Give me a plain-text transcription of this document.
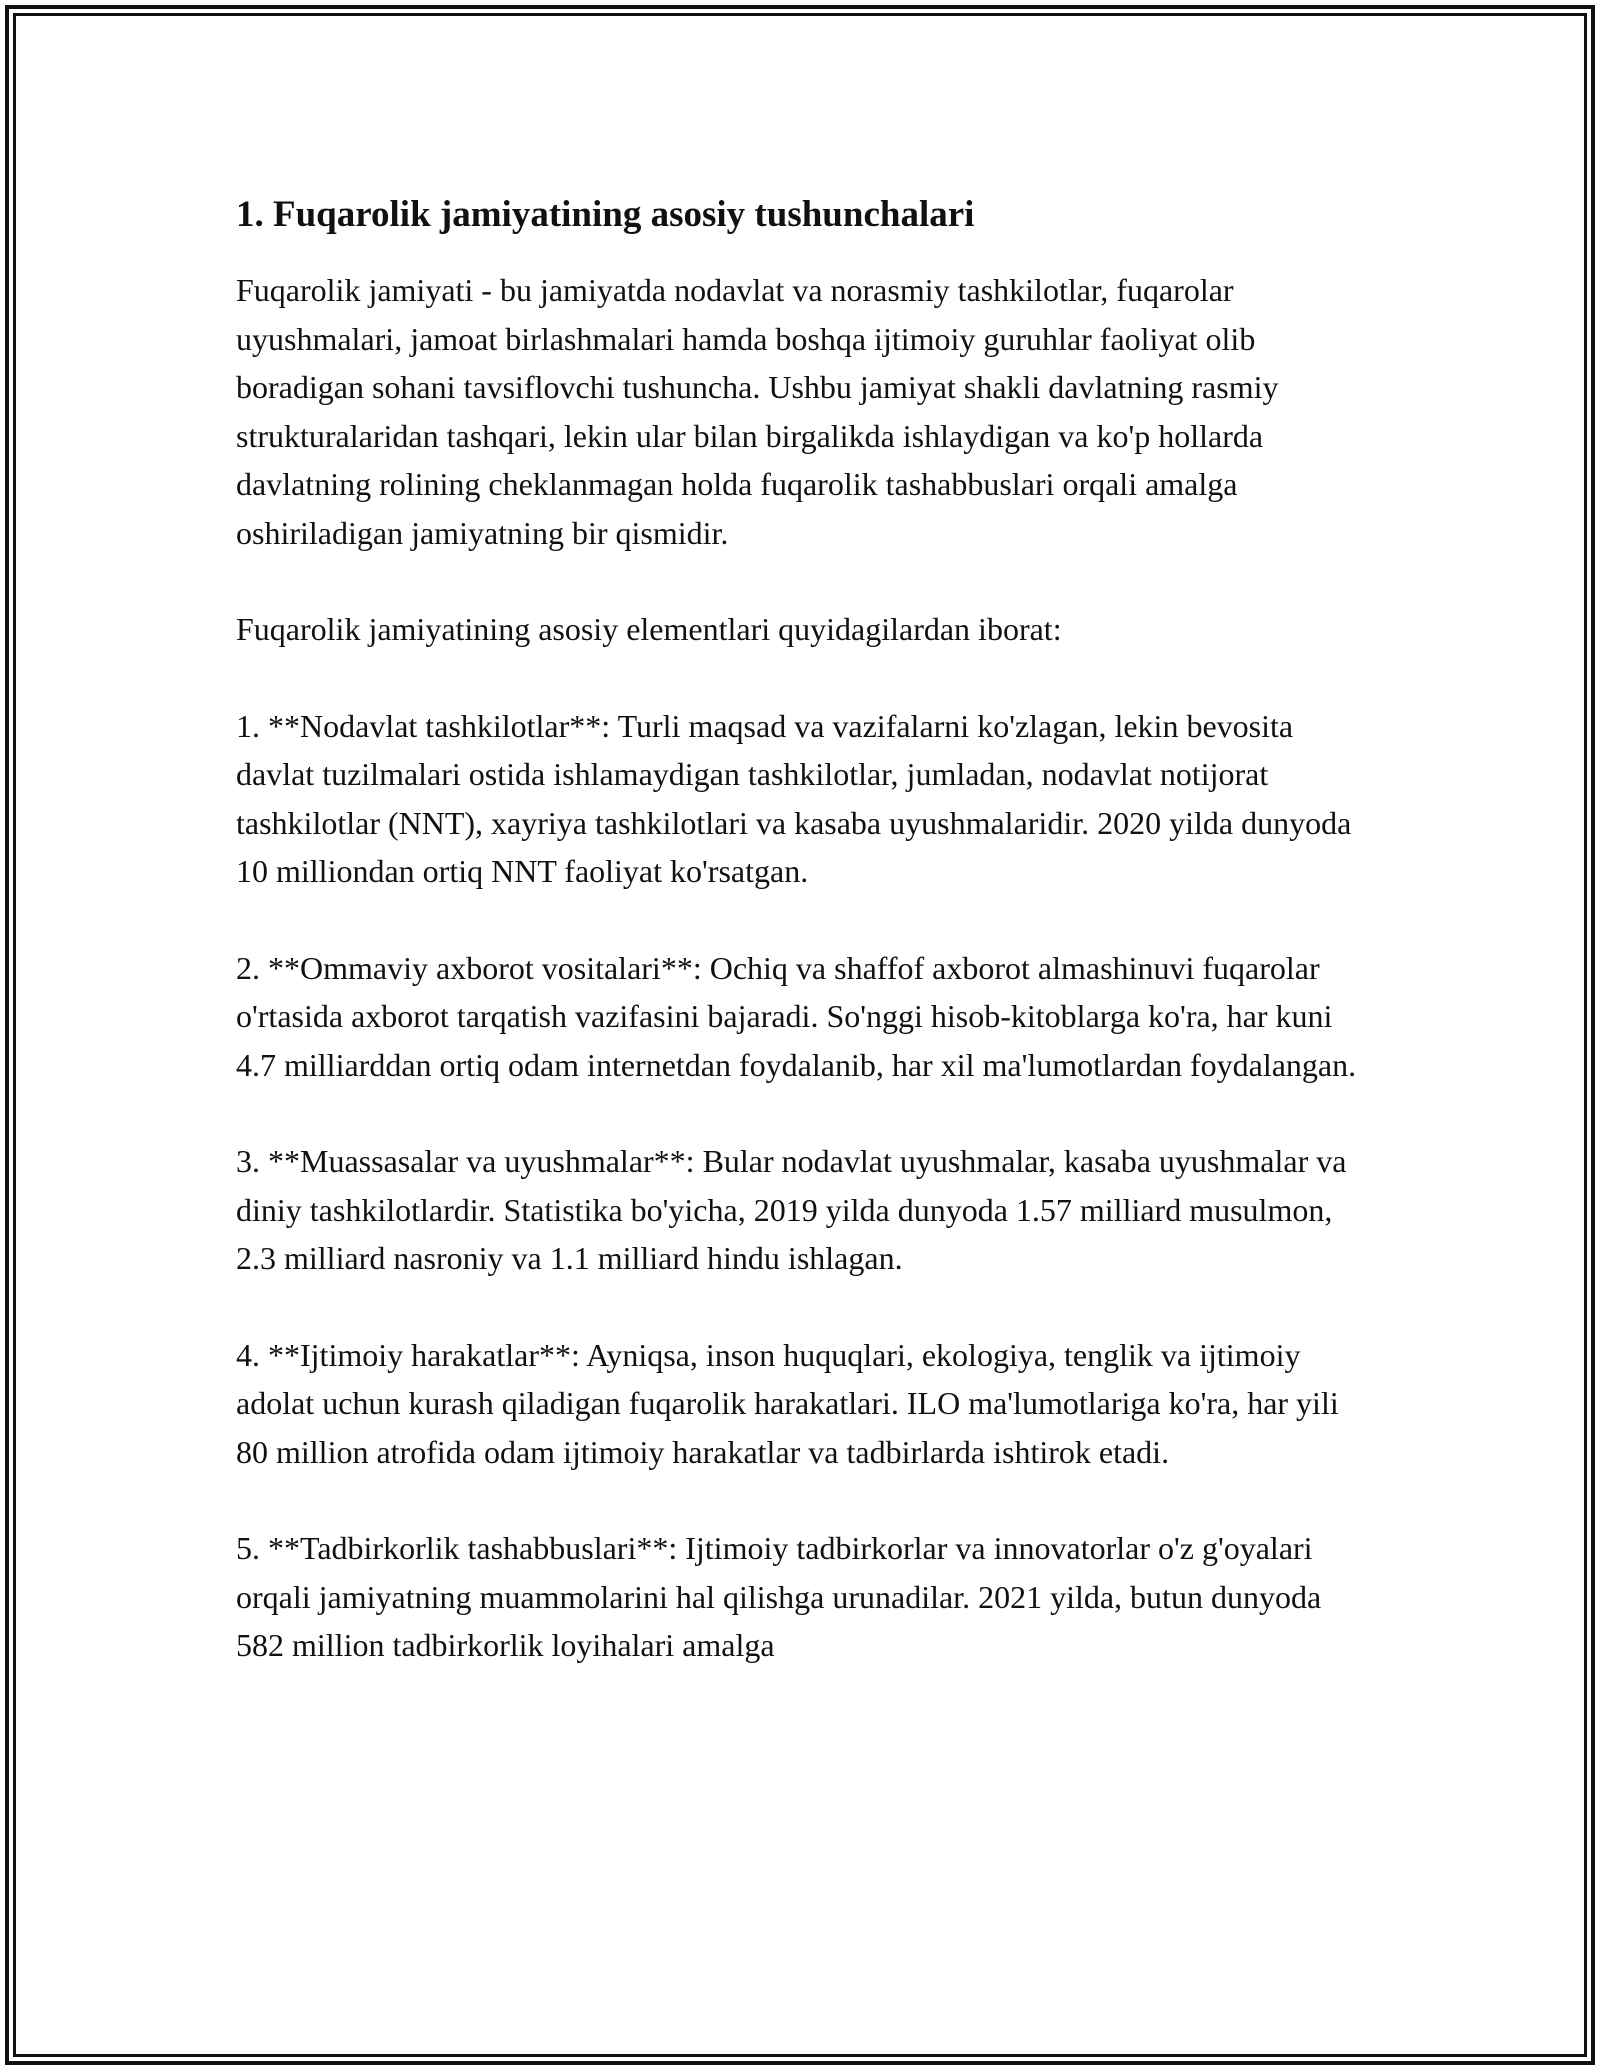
1. Fuqarolik jamiyatining asosiy tushunchalari

Fuqarolik jamiyati - bu jamiyatda nodavlat va norasmiy tashkilotlar, fuqarolar uyushmalari, jamoat birlashmalari hamda boshqa ijtimoiy guruhlar faoliyat olib boradigan sohani tavsiflovchi tushuncha. Ushbu jamiyat shakli davlatning rasmiy strukturalaridan tashqari, lekin ular bilan birgalikda ishlaydigan va ko'p hollarda davlatning rolining cheklanmagan holda fuqarolik tashabbuslari orqali amalga oshiriladigan jamiyatning bir qismidir.

Fuqarolik jamiyatining asosiy elementlari quyidagilardan iborat:

1. **Nodavlat tashkilotlar**: Turli maqsad va vazifalarni ko'zlagan, lekin bevosita davlat tuzilmalari ostida ishlamaydigan tashkilotlar, jumladan, nodavlat notijorat tashkilotlar (NNT), xayriya tashkilotlari va kasaba uyushmalaridir. 2020 yilda dunyoda 10 milliondan ortiq NNT faoliyat ko'rsatgan.

2. **Ommaviy axborot vositalari**: Ochiq va shaffof axborot almashinuvi fuqarolar o'rtasida axborot tarqatish vazifasini bajaradi. So'nggi hisob-kitoblarga ko'ra, har kuni 4.7 milliarddan ortiq odam internetdan foydalanib, har xil ma'lumotlardan foydalangan.

3. **Muassasalar va uyushmalar**: Bular nodavlat uyushmalar, kasaba uyushmalar va diniy tashkilotlardir. Statistika bo'yicha, 2019 yilda dunyoda 1.57 milliard musulmon, 2.3 milliard nasroniy va 1.1 milliard hindu ishlagan.

4. **Ijtimoiy harakatlar**: Ayniqsa, inson huquqlari, ekologiya, tenglik va ijtimoiy adolat uchun kurash qiladigan fuqarolik harakatlari. ILO ma'lumotlariga ko'ra, har yili 80 million atrofida odam ijtimoiy harakatlar va tadbirlarda ishtirok etadi.

5. **Tadbirkorlik tashabbuslari**: Ijtimoiy tadbirkorlar va innovatorlar o'z g'oyalari orqali jamiyatning muammolarini hal qilishga urunadilar. 2021 yilda, butun dunyoda 582 million tadbirkorlik loyihalari amalga
